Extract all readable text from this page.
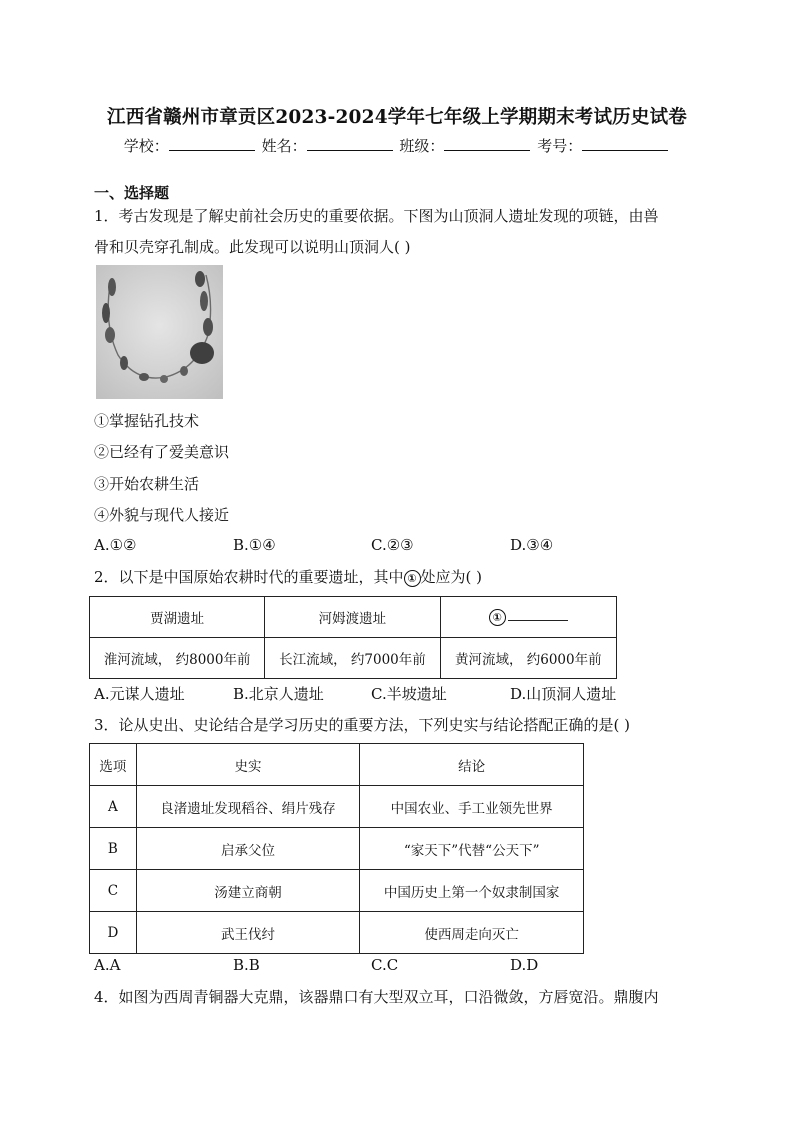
江西省赣州市章贡区2023-2024学年七年级上学期期末考试历史试卷
学校：	姓名：	班级：	考号：
一、选择题
1．考古发现是了解史前社会历史的重要依据。下图为山顶洞人遗址发现的项链，由兽
骨和贝壳穿孔制成。此发现可以说明山顶洞人( )
①掌握钻孔技术
②已经有了爱美意识
③开始农耕生活
④外貌与现代人接近
A.①②	B.①④	C.②③	D.③④
2．以下是中国原始农耕时代的重要遗址，其中 ① 处应为( )
贾湖遗址	河姆渡遗址	①
淮河流域， 约8000年前	长江流域， 约7000年前	黄河流域， 约6000年前
A.元谋人遗址	B.北京人遗址	C.半坡遗址	D.山顶洞人遗址
3．论从史出、史论结合是学习历史的重要方法，下列史实与结论搭配正确的是( )
选项	史实	结论
A	良渚遗址发现稻谷、绢片残存	中国农业、手工业领先世界
B	启承父位	“家天下”代替“公天下”
C	汤建立商朝	中国历史上第一个奴隶制国家
D	武王伐纣	使西周走向灭亡
A.A	B.B	C.C	D.D
4．如图为西周青铜器大克鼎，该器鼎口有大型双立耳，口沿微敛，方唇宽沿。鼎腹内
